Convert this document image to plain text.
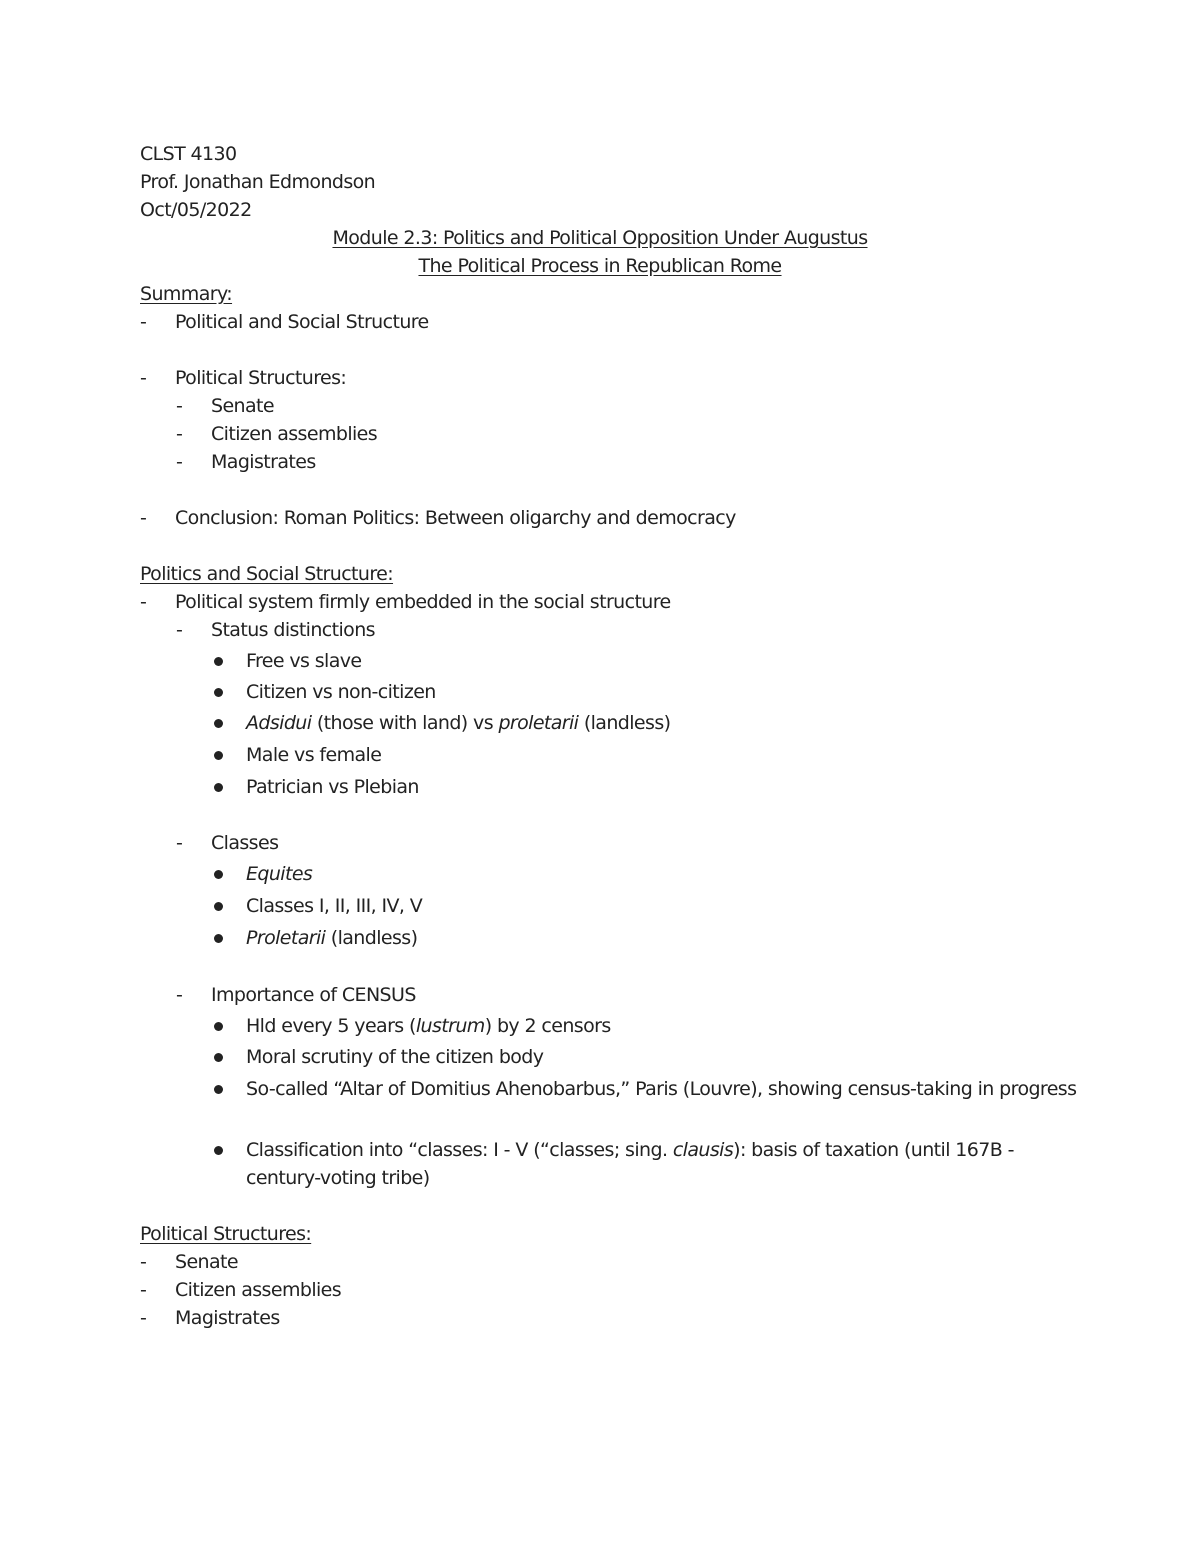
CLST 4130
Prof. Jonathan Edmondson
Oct/05/2022
Module 2.3: Politics and Political Opposition Under Augustus
The Political Process in Republican Rome
Summary:
-	Political and Social Structure
-	Political Structures:
-	Senate
-	Citizen assemblies
-	Magistrates
-	Conclusion: Roman Politics: Between oligarchy and democracy
Politics and Social Structure:
-	Political system firmly embedded in the social structure
-	Status distinctions
Free vs slave
Citizen vs non-citizen
Adsidui (those with land) vs proletarii (landless)
Male vs female
Patrician vs Plebian
-	Classes
Equites
Classes I, II, III, IV, V
Proletarii (landless)
-	Importance of CENSUS
Hld every 5 years (lustrum) by 2 censors
Moral scrutiny of the citizen body
So-called “Altar of Domitius Ahenobarbus,” Paris (Louvre), showing census-taking in progress
Classification into “classes: I - V (“classes; sing. clausis): basis of taxation (until 167B -
century-voting tribe)
Political Structures:
-	Senate
-	Citizen assemblies
-	Magistrates
